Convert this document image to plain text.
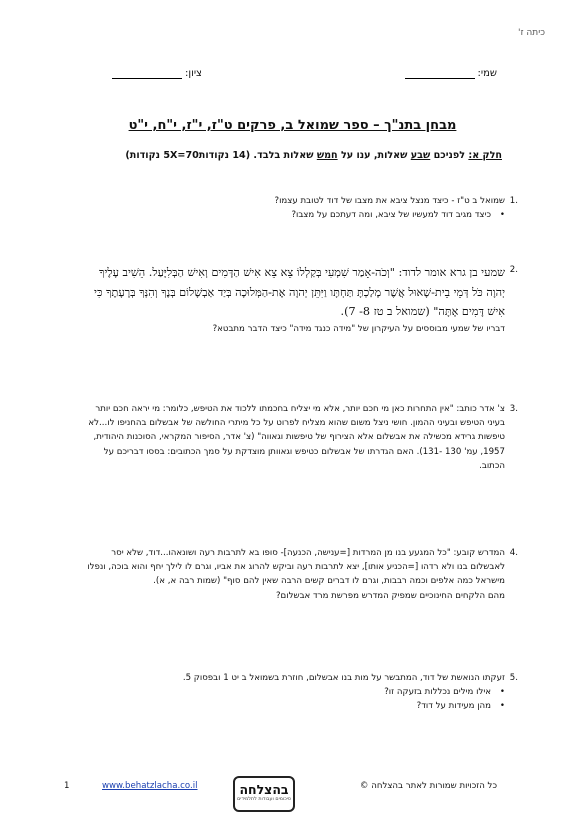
כיתה ז'
שמי:
ציון:
מבחן בתנ"ך – ספר שמואל ב, פרקים ט"ז, י"ז, י"ח, י"ט
חלק א: לפניכם שבע שאלות, ענו על חמש שאלות בלבד. (14 נקודות5X=70 נקודות)
.1

שמואל ב ט"ז - כיצד מנצל ציבא את מצבו של דוד לטובת עצמו?

•
כיצד מגיב דוד למעשיו של ציבא, ומה דעתכם על מצבו?
.2

שמעי בן גרא אומר לדוד: "וְכֹה-אָמַר שִׁמְעִי בְּקַלְלוֹ צֵא צֵא אִישׁ הַדָּמִים וְאִישׁ הַבְּלִיָּעַל. הֵשִׁיב עָלֶיךָ יְהוָה כֹּל דְּמֵי בֵית-שָׁאוּל אֲשֶׁר מָלַכְתָּ תַּחְתָּו וַיִּתֵּן יְהוָה אֶת-הַמְּלוּכָה בְּיַד אַבְשָׁלוֹם בְּנֶךָ וְהִנְּךָ בְּרָעָתֶךָ כִּי אִישׁ דָּמִים אָתָּה" (שמואל ב טז 8- 7).

דבריו של שמעי מבוססים על העיקרון של "מידה כנגד מידה" כיצד הדבר מתבטא?

.3

צ' אדר כותב: "אין התחרות כאן מי חכם יותר, אלא מי יצליח בחכמתו ללכוד את הטיפש, כלומר: מי יראה חכם יותר בעיני הטיפש ובעיני ההמון. חושי ניצל משום שהוא מצליח לפרוט על כל מיתרי החולשה של אבשלום בהחניפו לו...לא טיפשות גרידא מכשילה את אבשלום אלא הצירוף של טיפשות וגאווה" (צ' אדר, הסיפור המקראי, הסוכנות היהודית, 1957, עמ' 130 -131). האם הגדרתו של אבשלום כטיפש וגאוותן מוצדקת על סמך הכתובים: בססו דבריכם על הכתוב.

.4

המדרש קובע: "כל המגעע בנו מן המרדות [=ענישה, הכנעה]- סופו בא לתרבות רעה ושונאהו...דוד, שלא יסר לאבשלום בנו ולא רדהו [=הכניע אותו], יצא לתרבות רעה וביקש להרוג את אביו, וגרם לו לילך יחף והוא בוכה, ונפלו מישראל כמה אלפים וכמה רבבות, וגרם לו דברים קשים הרבה שאין להם סוף" (שמות רבה א, א).

מהם הלקחים החינוכיים שמפיק המדרש מפרשת מרד אבשלום?

.5

זעקתו הנואשת של דוד, המתבשר על מות בנו אבשלום, חוזרת בשמואל ב יט 1 ובפסוק 5.

•
אילו מילים נכללות בזעקה זו?
•
מהן מעידות על דוד?
כל הזכויות שמורות לאתר בהצלחה ©
בהצלחה
סיכומים ועבודות לתלמידים
www.behatzlacha.co.il
1
